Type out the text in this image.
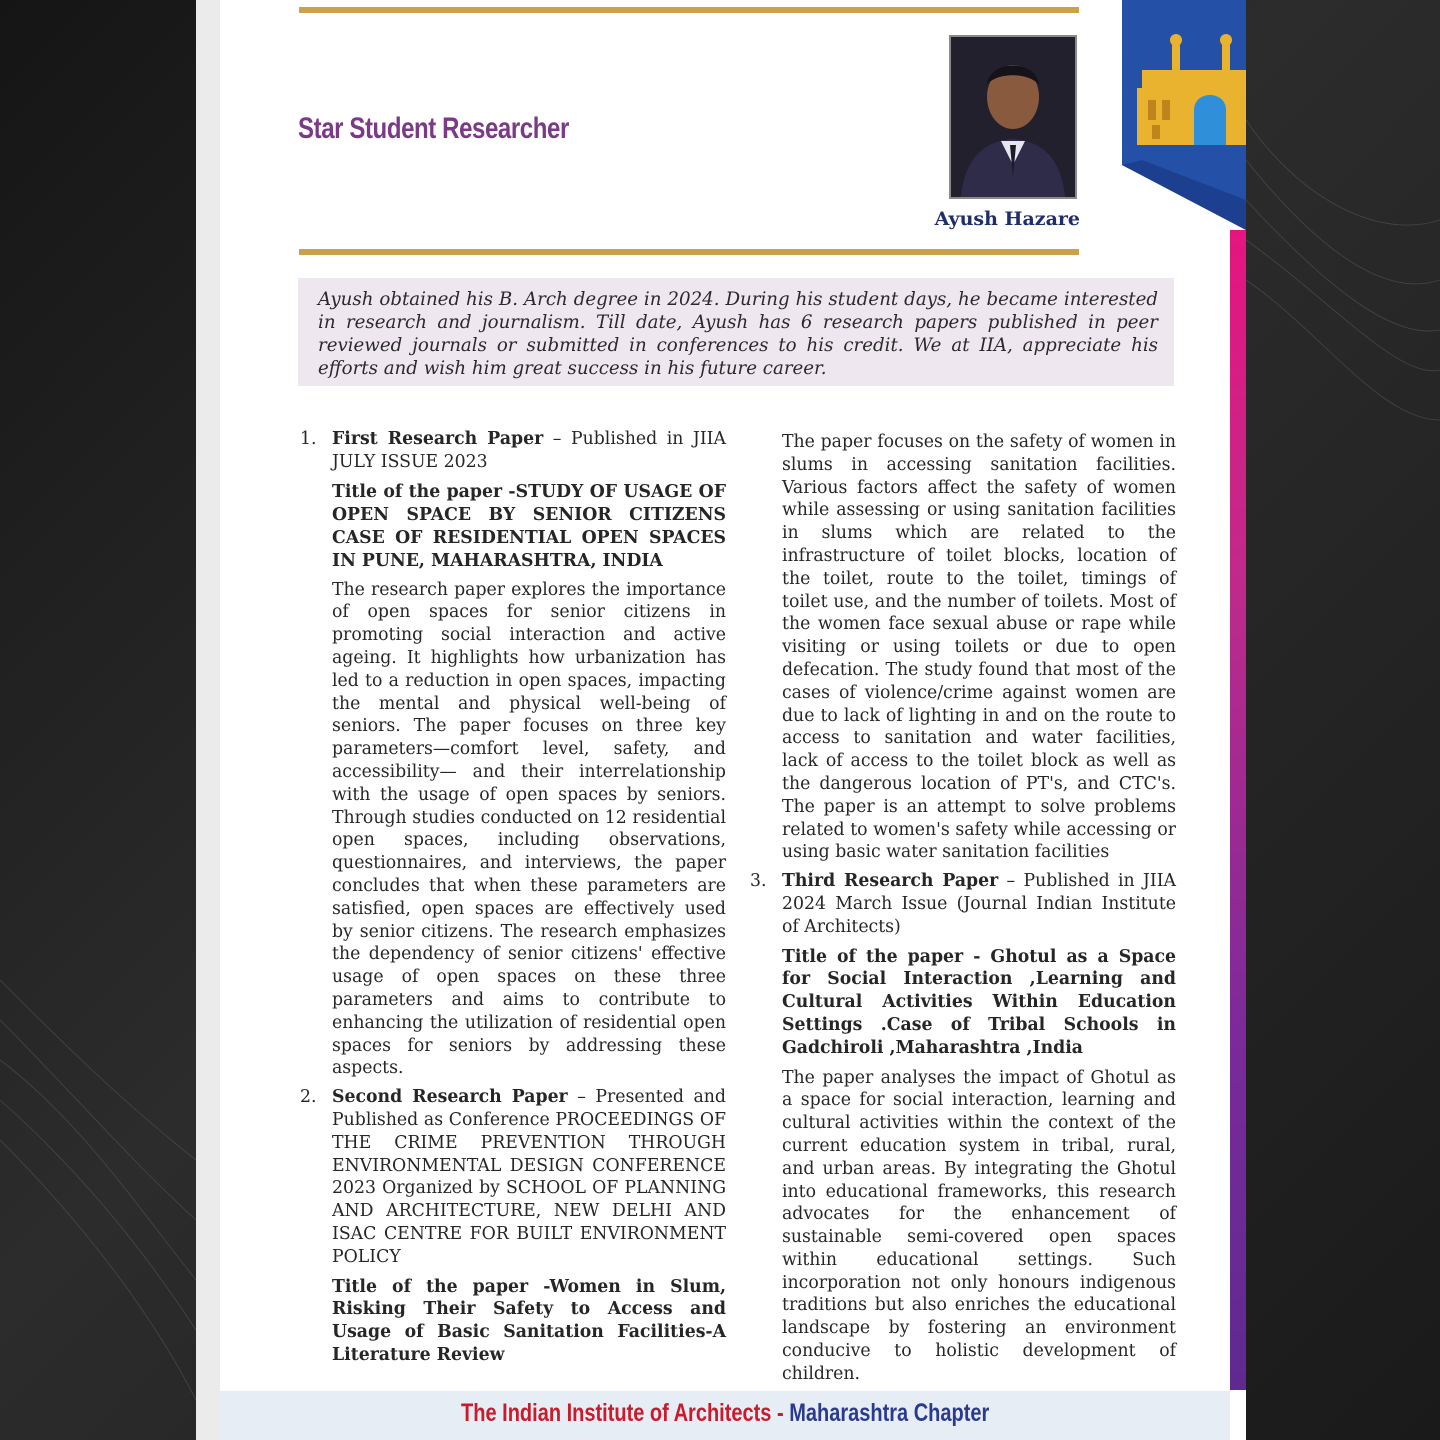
Star Student Researcher
Ayush Hazare
Ayush obtained his B. Arch degree in 2024. During his student days, he became interested in research and journalism. Till date, Ayush has 6 research papers published in peer reviewed journals or submitted in conferences to his credit. We at IIA, appreciate his efforts and wish him great success in his future career.
1. First Research Paper – Published in JIIA JULY ISSUE 2023

Title of the paper -STUDY OF USAGE OF OPEN SPACE BY SENIOR CITIZENS CASE OF RESIDENTIAL OPEN SPACES IN PUNE, MAHARASHTRA, INDIA

The research paper explores the importance of open spaces for senior citizens in promoting social interaction and active ageing. It highlights how urbanization has led to a reduction in open spaces, impacting the mental and physical well-being of seniors. The paper focuses on three key parameters—comfort level, safety, and accessibility— and their interrelationship with the usage of open spaces by seniors. Through studies conducted on 12 residential open spaces, including observations, questionnaires, and interviews, the paper concludes that when these parameters are satisfied, open spaces are effectively used by senior citizens. The research emphasizes the dependency of senior citizens' effective usage of open spaces on these three parameters and aims to contribute to enhancing the utilization of residential open spaces for seniors by addressing these aspects.

2. Second Research Paper – Presented and Published as Conference PROCEEDINGS OF THE CRIME PREVENTION THROUGH ENVIRONMENTAL DESIGN CONFERENCE 2023 Organized by SCHOOL OF PLANNING AND ARCHITECTURE, NEW DELHI AND ISAC CENTRE FOR BUILT ENVIRONMENT POLICY

Title of the paper -Women in Slum, Risking Their Safety to Access and Usage of Basic Sanitation Facilities-A Literature Review

The paper focuses on the safety of women in slums in accessing sanitation facilities. Various factors affect the safety of women while assessing or using sanitation facilities in slums which are related to the infrastructure of toilet blocks, location of the toilet, route to the toilet, timings of toilet use, and the number of toilets. Most of the women face sexual abuse or rape while visiting or using toilets or due to open defecation. The study found that most of the cases of violence/crime against women are due to lack of lighting in and on the route to access to sanitation and water facilities, lack of access to the toilet block as well as the dangerous location of PT's, and CTC's. The paper is an attempt to solve problems related to women's safety while accessing or using basic water sanitation facilities

3. Third Research Paper – Published in JIIA 2024 March Issue (Journal Indian Institute of Architects)

Title of the paper - Ghotul as a Space for Social Interaction ,Learning and Cultural Activities Within Education Settings .Case of Tribal Schools in Gadchiroli ,Maharashtra ,India

The paper analyses the impact of Ghotul as a space for social interaction, learning and cultural activities within the context of the current education system in tribal, rural, and urban areas. By integrating the Ghotul into educational frameworks, this research advocates for the enhancement of sustainable semi-covered open spaces within educational settings. Such incorporation not only honours indigenous traditions but also enriches the educational landscape by fostering an environment conducive to holistic development of children.

The Indian Institute of Architects - Maharashtra Chapter
